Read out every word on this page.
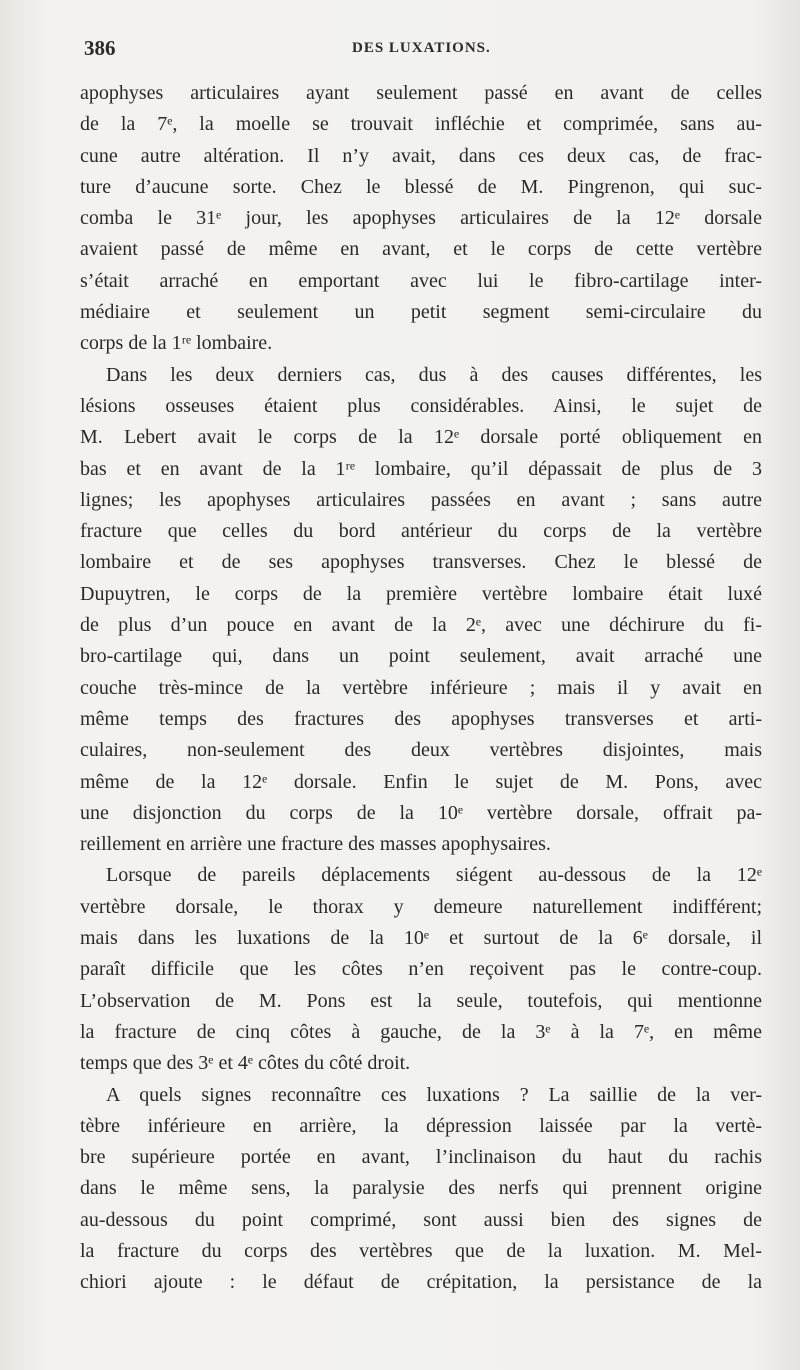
386	DES LUXATIONS.
apophyses articulaires ayant seulement passé en avant de celles
de la 7ᵉ, la moelle se trouvait infléchie et comprimée, sans au-
cune autre altération. Il n’y avait, dans ces deux cas, de frac-
ture d’aucune sorte. Chez le blessé de M. Pingrenon, qui suc-
comba le 31ᵉ jour, les apophyses articulaires de la 12ᵉ dorsale
avaient passé de même en avant, et le corps de cette vertèbre
s’était arraché en emportant avec lui le fibro-cartilage inter-
médiaire et seulement un petit segment semi-circulaire du
corps de la 1ʳᵉ lombaire.
Dans les deux derniers cas, dus à des causes différentes, les
lésions osseuses étaient plus considérables. Ainsi, le sujet de
M. Lebert avait le corps de la 12ᵉ dorsale porté obliquement en
bas et en avant de la 1ʳᵉ lombaire, qu’il dépassait de plus de 3
lignes; les apophyses articulaires passées en avant ; sans autre
fracture que celles du bord antérieur du corps de la vertèbre
lombaire et de ses apophyses transverses. Chez le blessé de
Dupuytren, le corps de la première vertèbre lombaire était luxé
de plus d’un pouce en avant de la 2ᵉ, avec une déchirure du fi-
bro-cartilage qui, dans un point seulement, avait arraché une
couche très-mince de la vertèbre inférieure ; mais il y avait en
même temps des fractures des apophyses transverses et arti-
culaires, non-seulement des deux vertèbres disjointes, mais
même de la 12ᵉ dorsale. Enfin le sujet de M. Pons, avec
une disjonction du corps de la 10ᵉ vertèbre dorsale, offrait pa-
reillement en arrière une fracture des masses apophysaires.
Lorsque de pareils déplacements siégent au-dessous de la 12ᵉ
vertèbre dorsale, le thorax y demeure naturellement indifférent;
mais dans les luxations de la 10ᵉ et surtout de la 6ᵉ dorsale, il
paraît difficile que les côtes n’en reçoivent pas le contre-coup.
L’observation de M. Pons est la seule, toutefois, qui mentionne
la fracture de cinq côtes à gauche, de la 3ᵉ à la 7ᵉ, en même
temps que des 3ᵉ et 4ᵉ côtes du côté droit.
A quels signes reconnaître ces luxations ? La saillie de la ver-
tèbre inférieure en arrière, la dépression laissée par la vertè-
bre supérieure portée en avant, l’inclinaison du haut du rachis
dans le même sens, la paralysie des nerfs qui prennent origine
au-dessous du point comprimé, sont aussi bien des signes de
la fracture du corps des vertèbres que de la luxation. M. Mel-
chiori ajoute : le défaut de crépitation, la persistance de la
